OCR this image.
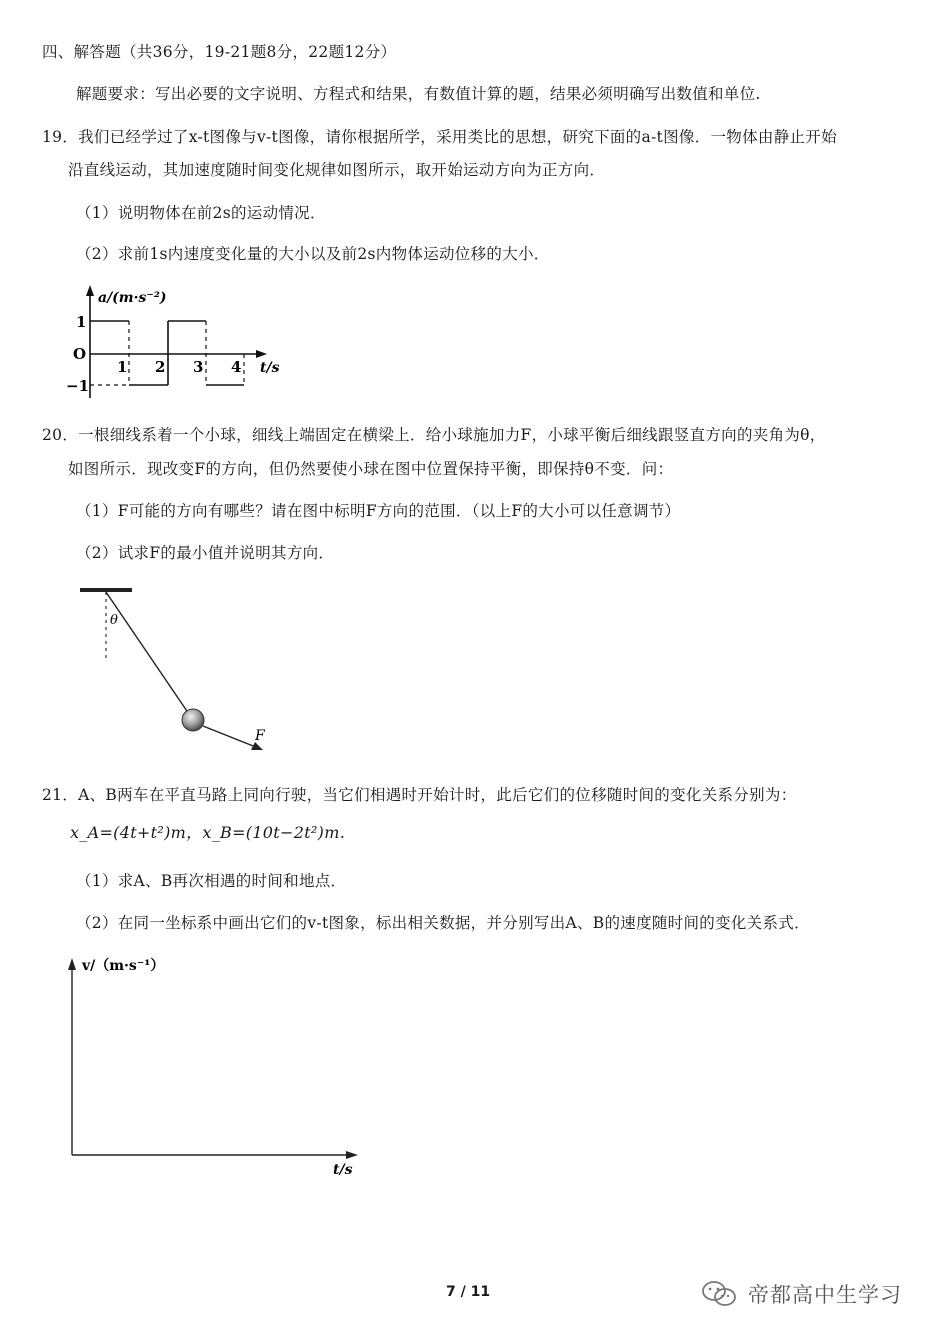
四、解答题（共36分，19-21题8分，22题12分）
解题要求：写出必要的文字说明、方程式和结果，有数值计算的题，结果必须明确写出数值和单位.
19．我们已经学过了x-t图像与v-t图像，请你根据所学，采用类比的思想，研究下面的a-t图像．一物体由静止开始
沿直线运动，其加速度随时间变化规律如图所示，取开始运动方向为正方向．
（1）说明物体在前2s的运动情况．
（2）求前1s内速度变化量的大小以及前2s内物体运动位移的大小．
a/(m·s⁻²)
1
O
−1
1 2 3 4 t/s
20．一根细线系着一个小球，细线上端固定在横梁上．给小球施加力F，小球平衡后细线跟竖直方向的夹角为θ，
如图所示．现改变F的方向，但仍然要使小球在图中位置保持平衡，即保持θ不变．问：
（1）F可能的方向有哪些？请在图中标明F方向的范围．（以上F的大小可以任意调节）
（2）试求F的最小值并说明其方向．
θ
F
21．A、B两车在平直马路上同向行驶，当它们相遇时开始计时，此后它们的位移随时间的变化关系分别为：
x_A=(4t+t²)m，x_B=(10t−2t²)m．
（1）求A、B再次相遇的时间和地点．
（2）在同一坐标系中画出它们的v-t图象，标出相关数据，并分别写出A、B的速度随时间的变化关系式．
v/（m·s⁻¹）
t/s
7 / 11	帝都高中生学习
